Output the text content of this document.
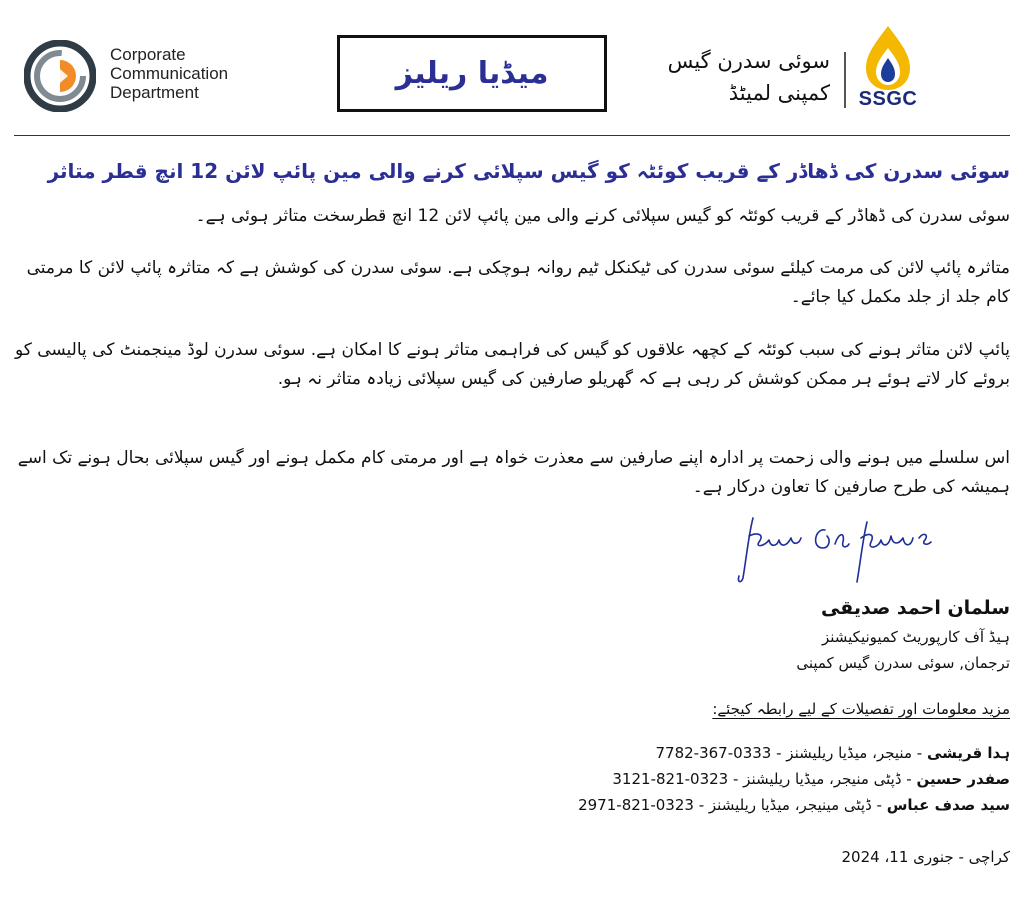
Corporate
Communication
Department
میڈیا ریلیز	سوئی سدرن گیس
کمپنی لمیٹڈ SSGC
سوئی سدرن کی ڈھاڈر کے قریب کوئٹہ کو گیس سپلائی کرنے والی مین پائپ لائن 12 انچ قطر متاثر
سوئی سدرن کی ڈھاڈر کے قریب کوئٹہ کو گیس سپلائی کرنے والی مین پائپ لائن 12 انچ قطرسخت متاثر ہوئی ہے۔
متاثرہ پائپ لائن کی مرمت کیلئے سوئی سدرن کی ٹیکنکل ٹیم روانہ ہوچکی ہے. سوئی سدرن کی کوشش ہے کہ متاثرہ پائپ لائن کا مرمتی کام جلد از جلد مکمل کیا جائے۔
پائپ لائن متاثر ہونے کی سبب کوئٹہ کے کچھہ علاقوں کو گیس کی فراہمی متاثر ہونے کا امکان ہے. سوئی سدرن لوڈ مینجمنٹ کی پالیسی کو بروئے کار لاتے ہوئے ہر ممکن کوشش کر رہی ہے کہ گھریلو صارفین کی گیس سپلائی زیادہ متاثر نہ ہو.
اس سلسلے میں ہونے والی زحمت پر ادارہ اپنے صارفین سے معذرت خواہ ہے اور مرمتی کام مکمل ہونے اور گیس سپلائی بحال ہونے تک اسے ہمیشہ کی طرح صارفین کا تعاون درکار ہے۔
سلمان احمد صدیقی
ہیڈ آف کارپوریٹ کمیونیکیشنز
ترجمان, سوئی سدرن گیس کمپنی
مزید معلومات اور تفصیلات کے لیے رابطہ کیجئے:
ہدا قریشی - منیجر، میڈیا ریلیشنز - 0333-367-7782
صفدر حسین - ڈپٹی منیجر، میڈیا ریلیشنز - 0323-821-3121
سید صدف عباس - ڈپٹی مینیجر، میڈیا ریلیشنز - 0323-821-2971
کراچی - جنوری 11، 2024
